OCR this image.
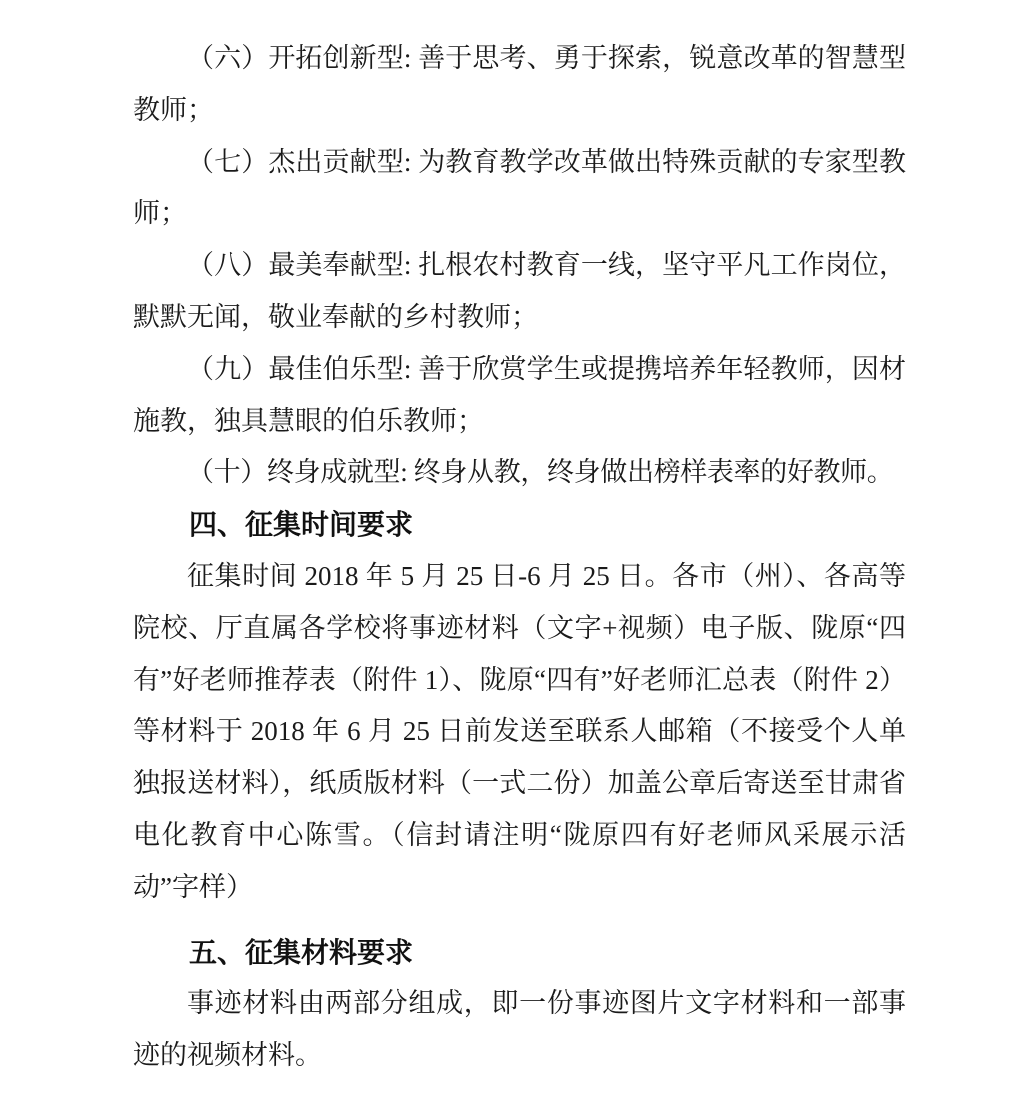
（六）开拓创新型: 善于思考、勇于探索，锐意改革的智慧型教师；

（七）杰出贡献型: 为教育教学改革做出特殊贡献的专家型教师；

（八）最美奉献型: 扎根农村教育一线，坚守平凡工作岗位，默默无闻，敬业奉献的乡村教师；

（九）最佳伯乐型: 善于欣赏学生或提携培养年轻教师，因材施教，独具慧眼的伯乐教师；

（十）终身成就型: 终身从教，终身做出榜样表率的好教师。

四、征集时间要求

征集时间 2018 年 5 月 25 日-6 月 25 日。各市（州）、各高等院校、厅直属各学校将事迹材料（文字+视频）电子版、陇原“四有”好老师推荐表（附件 1）、陇原“四有”好老师汇总表（附件 2）等材料于 2018 年 6 月 25 日前发送至联系人邮箱（不接受个人单独报送材料），纸质版材料（一式二份）加盖公章后寄送至甘肃省电化教育中心陈雪。（信封请注明“陇原四有好老师风采展示活动”字样）

五、征集材料要求

事迹材料由两部分组成，即一份事迹图片文字材料和一部事迹的视频材料。
